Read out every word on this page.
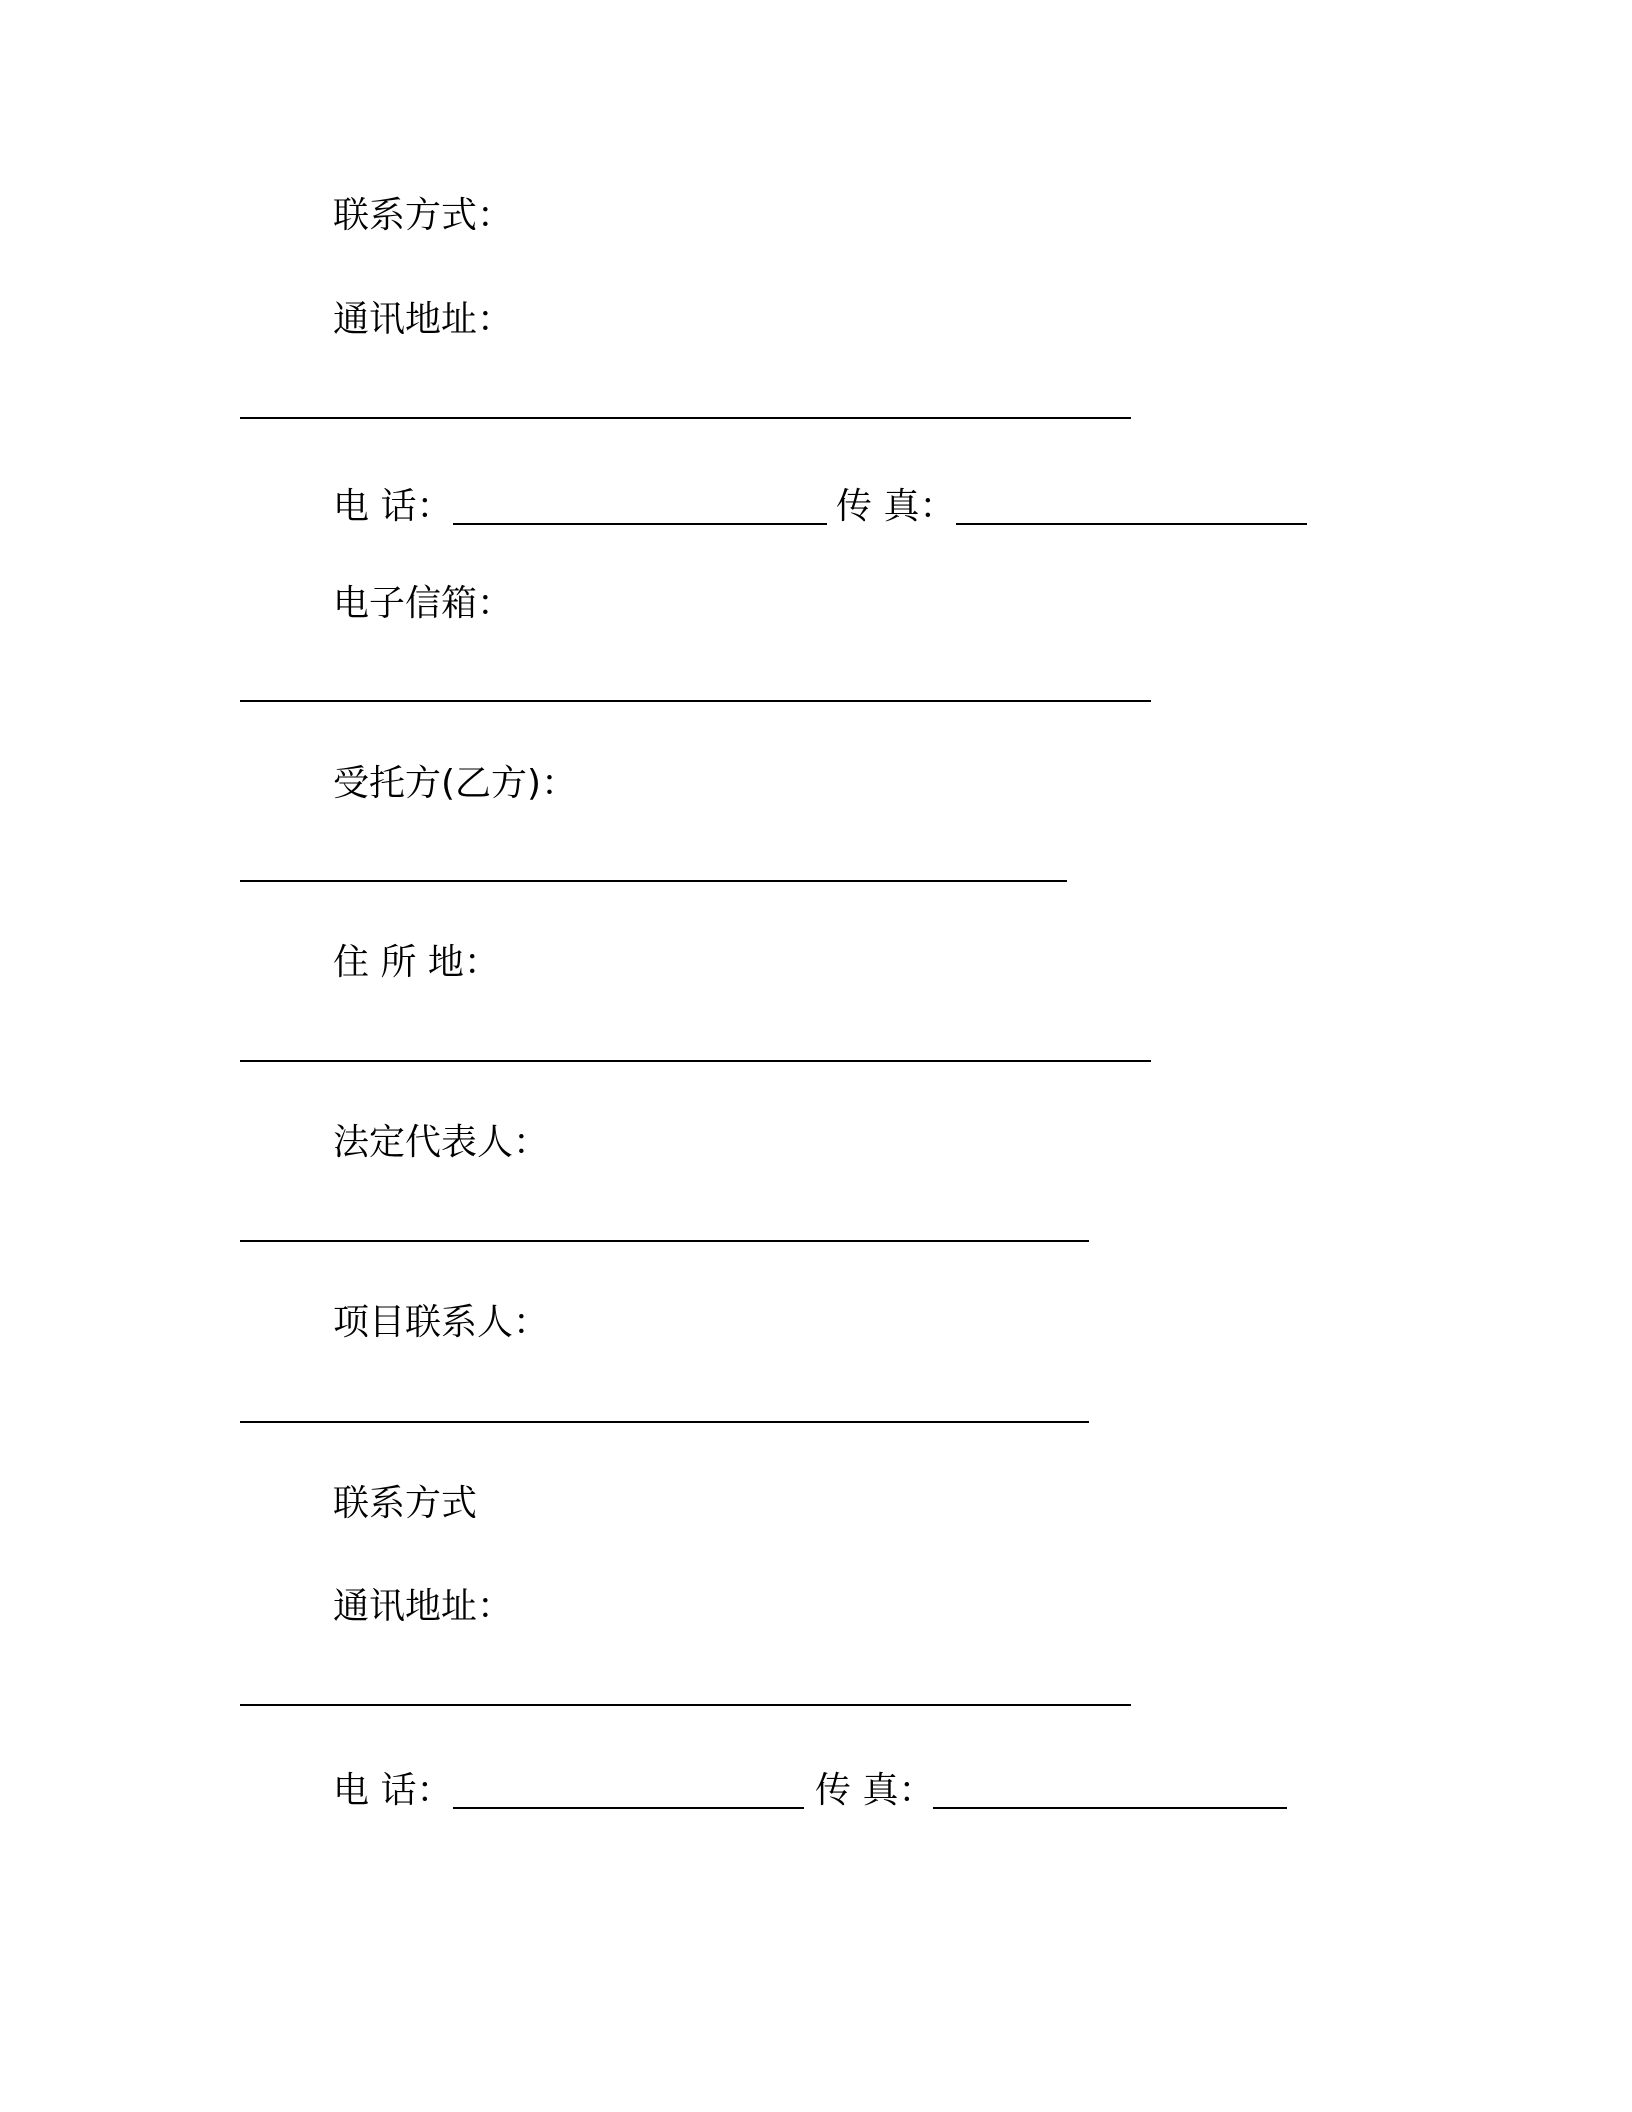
联系方式：
通讯地址：
电 话：	传 真：
电子信箱：
受托方(乙方)：
住 所 地：
法定代表人：
项目联系人：
联系方式
通讯地址：
电 话：	传 真：
